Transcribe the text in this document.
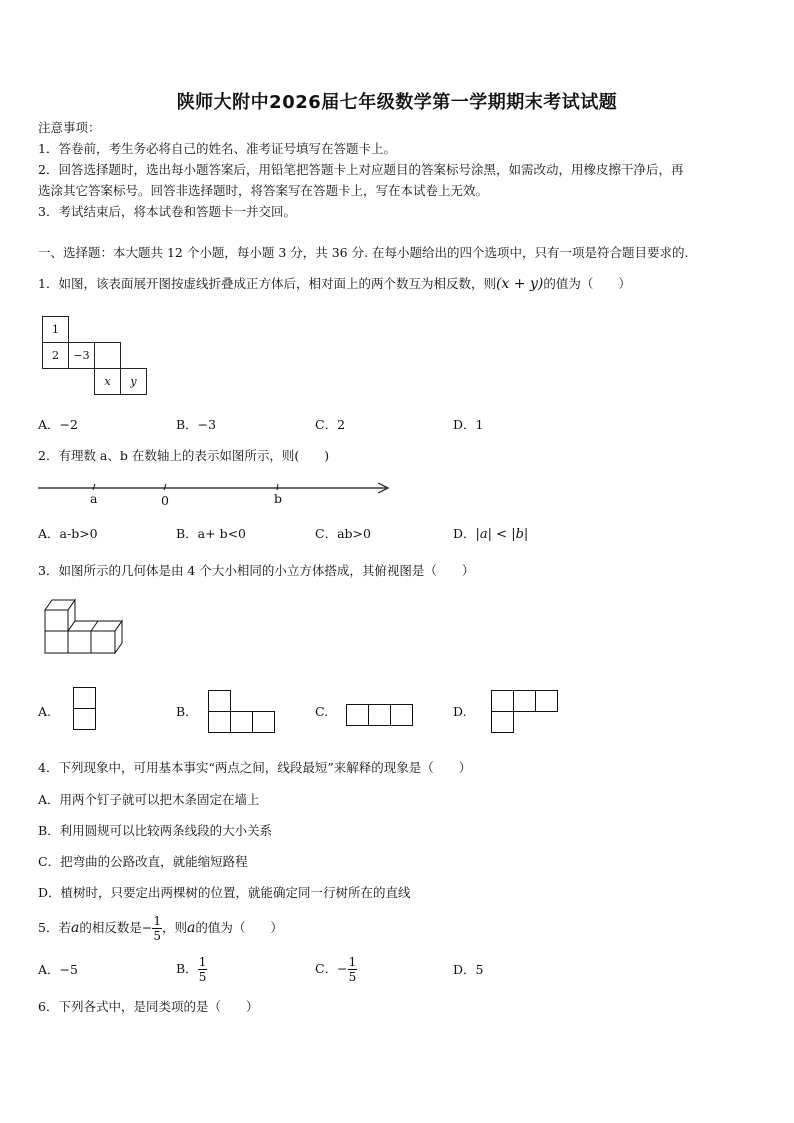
陕师大附中2026届七年级数学第一学期期末考试试题
注意事项：
1．答卷前，考生务必将自己的姓名、准考证号填写在答题卡上。
2．回答选择题时，选出每小题答案后，用铅笔把答题卡上对应题目的答案标号涂黑，如需改动，用橡皮擦干净后，再
选涂其它答案标号。回答非选择题时，将答案写在答题卡上，写在本试卷上无效。
3．考试结束后，将本试卷和答题卡一并交回。
一、选择题：本大题共 12 个小题，每小题 3 分，共 36 分. 在每小题给出的四个选项中，只有一项是符合题目要求的.
1．如图，该表面展开图按虚线折叠成正方体后，相对面上的两个数互为相反数，则(x + y)的值为（　　）
1
2	−3
x	y
A．−2	B．−3	C．2	D．1
2．有理数 a、b 在数轴上的表示如图所示，则(　　)
a	0	b
A．a-b>0	B．a+ b<0	C．ab>0	D．|a| < |b|
3．如图所示的几何体是由 4 个大小相同的小立方体搭成，其俯视图是（　　）
A.	B．	C.	D.
4．下列现象中，可用基本事实“两点之间，线段最短”来解释的现象是（　　）
A．用两个钉子就可以把木条固定在墙上
B．利用圆规可以比较两条线段的大小关系
C．把弯曲的公路改直，就能缩短路程
D．植树时，只要定出两棵树的位置，就能确定同一行树所在的直线
5．若a的相反数是− $\frac{1}{5}$ ，则a的值为（　　）
A．−5	B． $\frac{1}{5}$	C．− $\frac{1}{5}$	D．5
6．下列各式中，是同类项的是（　　）
